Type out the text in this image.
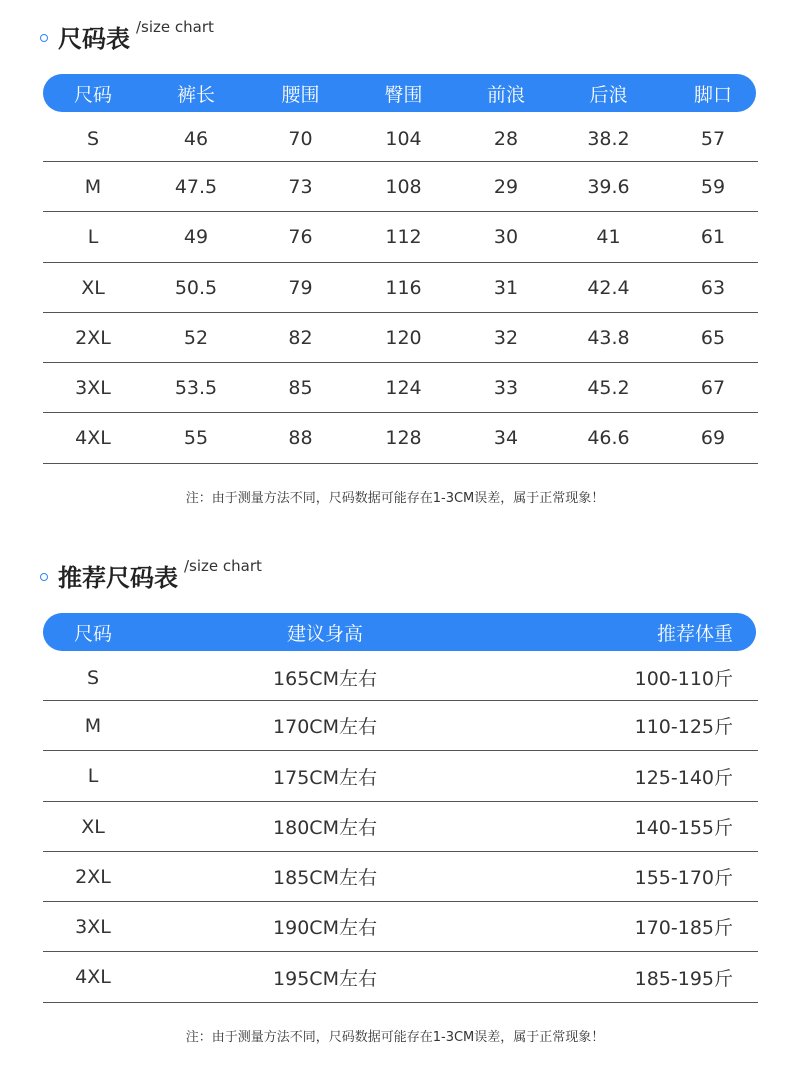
尺码表 /size chart
尺码	裤长	腰围	臀围	前浪	后浪	脚口
S	46	70	104	28	38.2	57
M	47.5	73	108	29	39.6	59
L	49	76	112	30	41	61
XL	50.5	79	116	31	42.4	63
2XL	52	82	120	32	43.8	65
3XL	53.5	85	124	33	45.2	67
4XL	55	88	128	34	46.6	69
注：由于测量方法不同，尺码数据可能存在1-3CM误差，属于正常现象！
推荐尺码表 /size chart
尺码	建议身高	推荐体重
S	165CM左右	100-110斤
M	170CM左右	110-125斤
L	175CM左右	125-140斤
XL	180CM左右	140-155斤
2XL	185CM左右	155-170斤
3XL	190CM左右	170-185斤
4XL	195CM左右	185-195斤
注：由于测量方法不同，尺码数据可能存在1-3CM误差，属于正常现象！
